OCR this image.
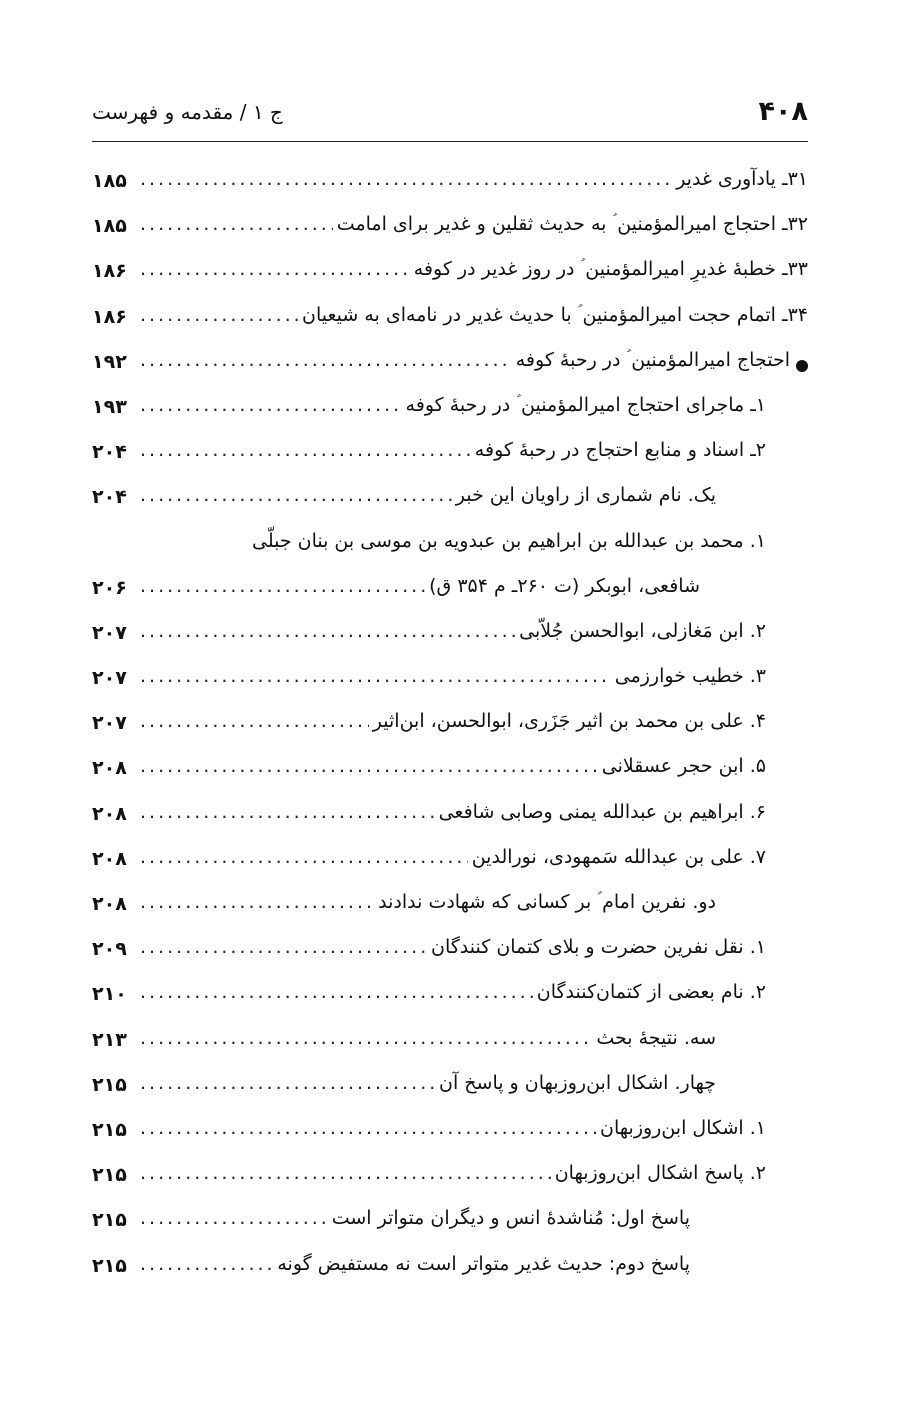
۴۰۸
ج ۱ / مقدمه و فهرست
۱۸۵	۳۱ـ یادآوری غدیر
.....
۱۸۵	۳۲ـ احتجاج امیرالمؤمنین ؑ به حدیث ثقلین و غدیر برای امامت
.....
۱۸۶	۳۳ـ خطبۀ غدیرِ امیرالمؤمنین ؑ در روز غدیر در کوفه
.....
۱۸۶	۳۴ـ اتمام حجت امیرالمؤمنین ؑ با حدیث غدیر در نامه‌ای به شیعیان
.....
۱۹۲	احتجاج امیرالمؤمنین ؑ در رحبۀ کوفه
.....
۱۹۳	۱ـ ماجرای احتجاج امیرالمؤمنین ؑ در رحبۀ کوفه
.....
۲۰۴	۲ـ اسناد و منابع احتجاج در رحبۀ کوفه
.....
۲۰۴	یک. نام شماری از راویان این خبر
.....
۱. محمد بن عبدالله بن ابراهیم بن عبدویه بن موسی بن بنان جبلّی
۲۰۶	شافعی، ابوبکر (ت ۲۶۰ـ م ۳۵۴ ق)
.....
۲۰۷	۲. ابن مَغازلی، ابوالحسن جُلاّبی
.....
۲۰۷	۳. خطیب خوارزمی
.....
۲۰۷	۴. علی بن محمد بن اثیر جَزَری، ابوالحسن، ابن‌اثیر
.....
۲۰۸	۵. ابن حجر عسقلانی
.....
۲۰۸	۶. ابراهیم بن عبدالله یمنی وصابی شافعی
.....
۲۰۸	۷. علی بن عبدالله سَمهودی، نورالدین
.....
۲۰۸	دو. نفرین امام ؑ بر کسانی که شهادت ندادند
.....
۲۰۹	۱. نقل نفرین حضرت و بلای کتمان کنندگان
.....
۲۱۰	۲. نام بعضی از کتمان‌کنندگان
.....
۲۱۳	سه. نتیجۀ بحث
.....
۲۱۵	چهار. اشکال ابن‌روزبهان و پاسخ آن
.....
۲۱۵	۱. اشکال ابن‌روزبهان
.....
۲۱۵	۲. پاسخ اشکال ابن‌روزبهان
.....
۲۱۵	پاسخ اول: مُناشدۀ انس و دیگران متواتر است
.....
۲۱۵	پاسخ دوم: حدیث غدیر متواتر است نه مستفیض گونه
.....
